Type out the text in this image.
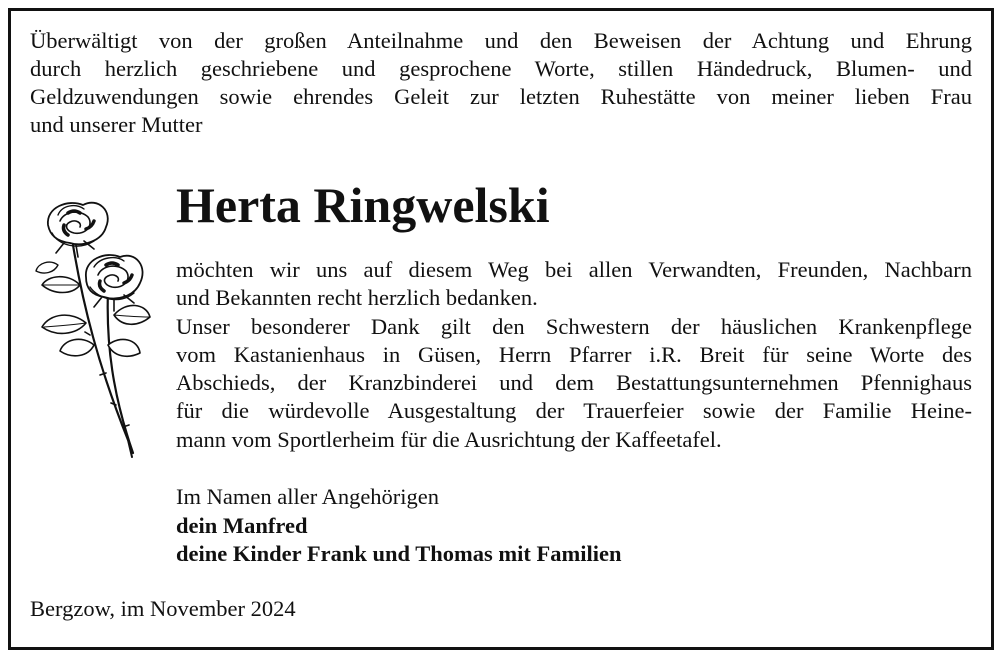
Überwältigt von der großen Anteilnahme und den Beweisen der Achtung und Ehrung
durch herzlich geschriebene und gesprochene Worte, stillen Händedruck, Blumen- und
Geldzuwendungen sowie ehrendes Geleit zur letzten Ruhestätte von meiner lieben Frau
und unserer Mutter
Herta Ringwelski
möchten wir uns auf diesem Weg bei allen Verwandten, Freunden, Nachbarn
und Bekannten recht herzlich bedanken.
Unser besonderer Dank gilt den Schwestern der häuslichen Krankenpflege
vom Kastanienhaus in Güsen, Herrn Pfarrer i.R. Breit für seine Worte des
Abschieds, der Kranzbinderei und dem Bestattungsunternehmen Pfennighaus
für die würdevolle Ausgestaltung der Trauerfeier sowie der Familie Heine-
mann vom Sportlerheim für die Ausrichtung der Kaffeetafel.
Im Namen aller Angehörigen
dein Manfred
deine Kinder Frank und Thomas mit Familien
Bergzow, im November 2024
